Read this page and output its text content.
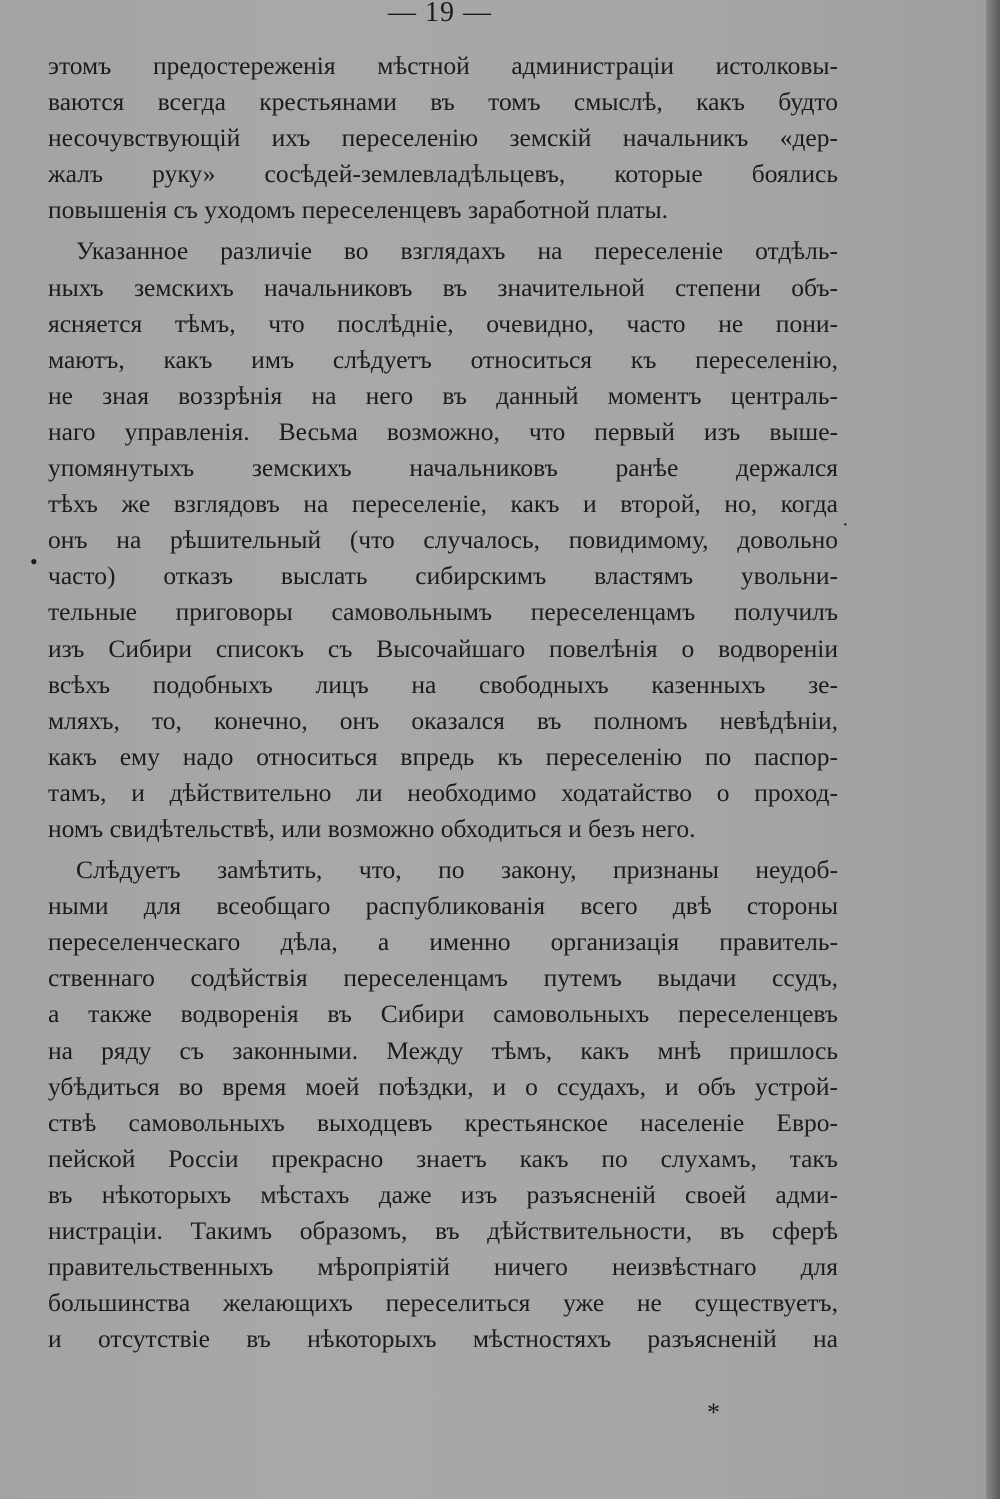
— 19 —
этомъ предостереженія мѣстной администраціи истолковы-
ваются всегда крестьянами въ томъ смыслѣ, какъ будто
несочувствующій ихъ переселенію земскій начальникъ «дер-
жалъ руку» сосѣдей-землевладѣльцевъ, которые боялись
повышенія съ уходомъ переселенцевъ заработной платы.
Указанное различіе во взглядахъ на переселеніе отдѣль-
ныхъ земскихъ начальниковъ въ значительной степени объ-
ясняется тѣмъ, что послѣдніе, очевидно, часто не пони-
маютъ, какъ имъ слѣдуетъ относиться къ переселенію,
не зная воззрѣнія на него въ данный моментъ централь-
наго управленія. Весьма возможно, что первый изъ выше-
упомянутыхъ земскихъ начальниковъ ранѣе держался
тѣхъ же взглядовъ на переселеніе, какъ и второй, но, когда
онъ на рѣшительный (что случалось, повидимому, довольно
часто) отказъ выслать сибирскимъ властямъ увольни-
тельные приговоры самовольнымъ переселенцамъ получилъ
изъ Сибири списокъ съ Высочайшаго повелѣнія о водвореніи
всѣхъ подобныхъ лицъ на свободныхъ казенныхъ зе-
мляхъ, то, конечно, онъ оказался въ полномъ невѣдѣніи,
какъ ему надо относиться впредь къ переселенію по паспор-
тамъ, и дѣйствительно ли необходимо ходатайство о проход-
номъ свидѣтельствѣ, или возможно обходиться и безъ него.
Слѣдуетъ замѣтить, что, по закону, признаны неудоб-
ными для всеобщаго распубликованія всего двѣ стороны
переселенческаго дѣла, а именно организація правитель-
ственнаго содѣйствія переселенцамъ путемъ выдачи ссудъ,
а также водворенія въ Сибири самовольныхъ переселенцевъ
на ряду съ законными. Между тѣмъ, какъ мнѣ пришлось
убѣдиться во время моей поѣздки, и о ссудахъ, и объ устрой-
ствѣ самовольныхъ выходцевъ крестьянское населеніе Евро-
пейской Россіи прекрасно знаетъ какъ по слухамъ, такъ
въ нѣкоторыхъ мѣстахъ даже изъ разъясненій своей адми-
нистраціи. Такимъ образомъ, въ дѣйствительности, въ сферѣ
правительственныхъ мѣропріятій ничего неизвѣстнаго для
большинства желающихъ переселиться уже не существуетъ,
и отсутствіе въ нѣкоторыхъ мѣстностяхъ разъясненій на
•
·
*
